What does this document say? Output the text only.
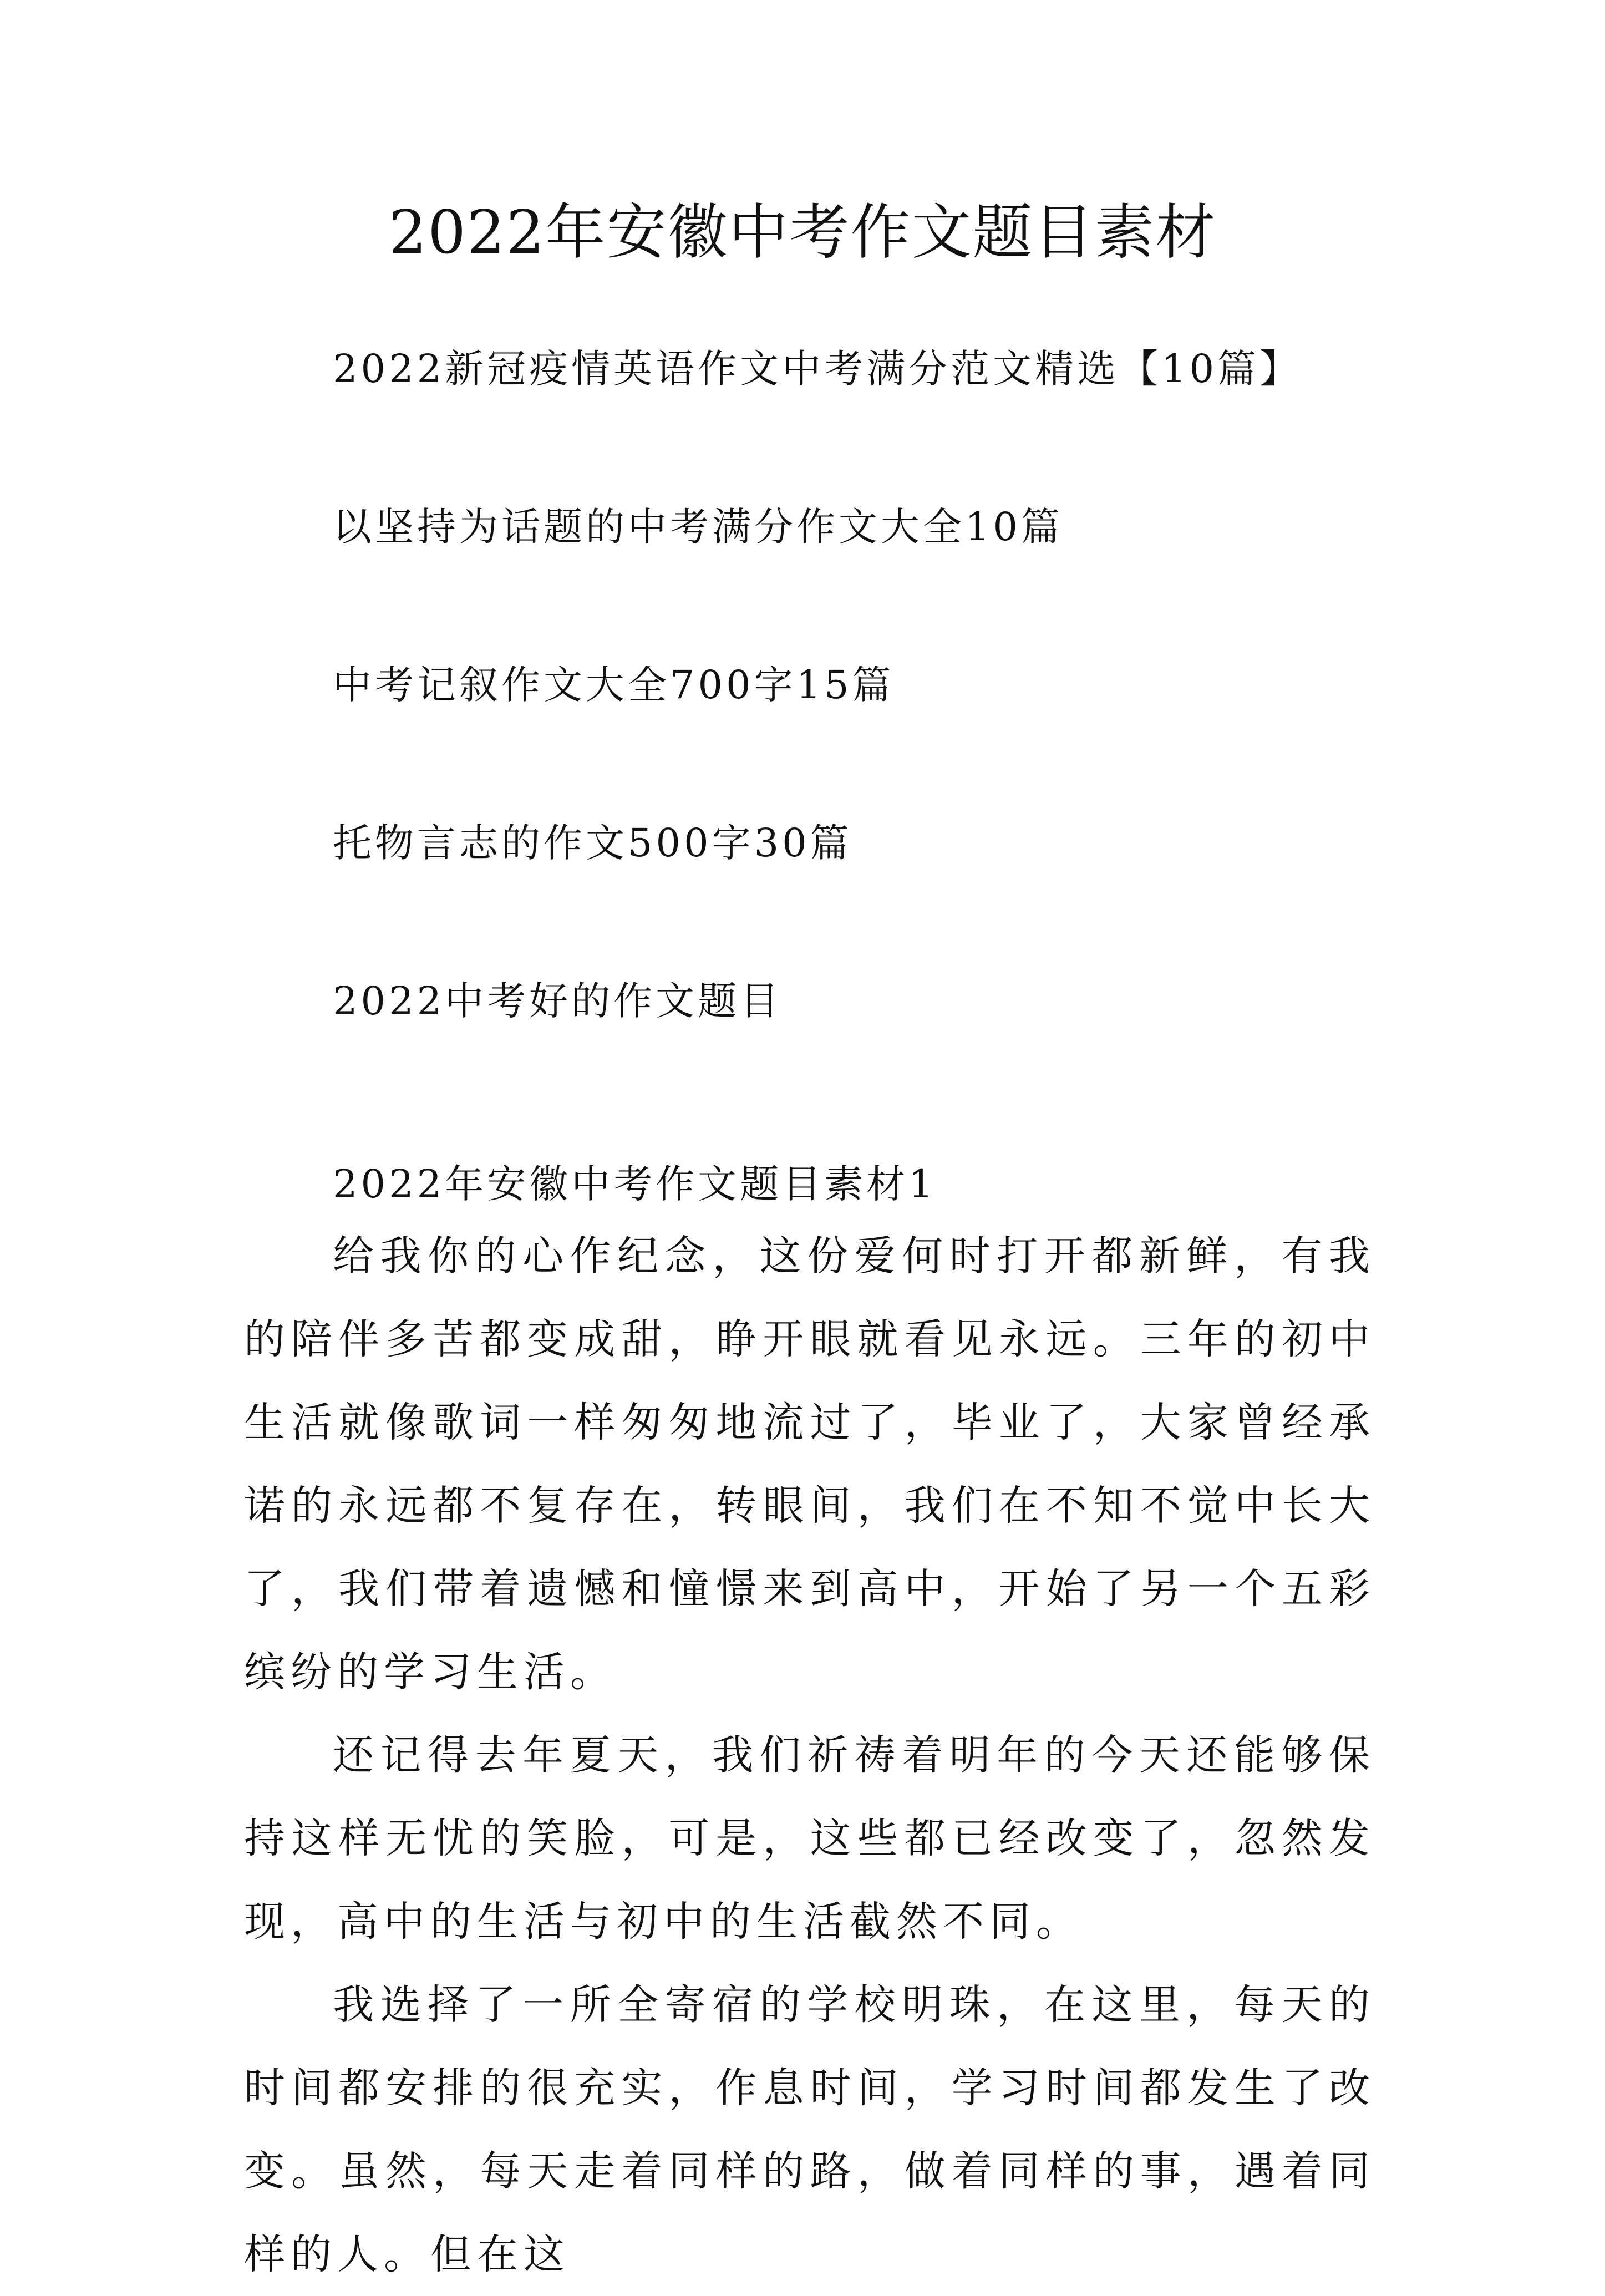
2022年安徽中考作文题目素材
2022新冠疫情英语作文中考满分范文精选【10篇】
以坚持为话题的中考满分作文大全10篇
中考记叙作文大全700字15篇
托物言志的作文500字30篇
2022中考好的作文题目
2022年安徽中考作文题目素材1

给我你的心作纪念，这份爱何时打开都新鲜，有我的陪伴多苦都变成甜，睁开眼就看见永远。三年的初中生活就像歌词一样匆匆地流过了，毕业了，大家曾经承诺的永远都不复存在，转眼间，我们在不知不觉中长大了，我们带着遗憾和憧憬来到高中，开始了另一个五彩缤纷的学习生活。

还记得去年夏天，我们祈祷着明年的今天还能够保持这样无忧的笑脸，可是，这些都已经改变了，忽然发现，高中的生活与初中的生活截然不同。

我选择了一所全寄宿的学校明珠，在这里，每天的时间都安排的很充实，作息时间，学习时间都发生了改变。虽然，每天走着同样的路，做着同样的事，遇着同样的人。但在这
